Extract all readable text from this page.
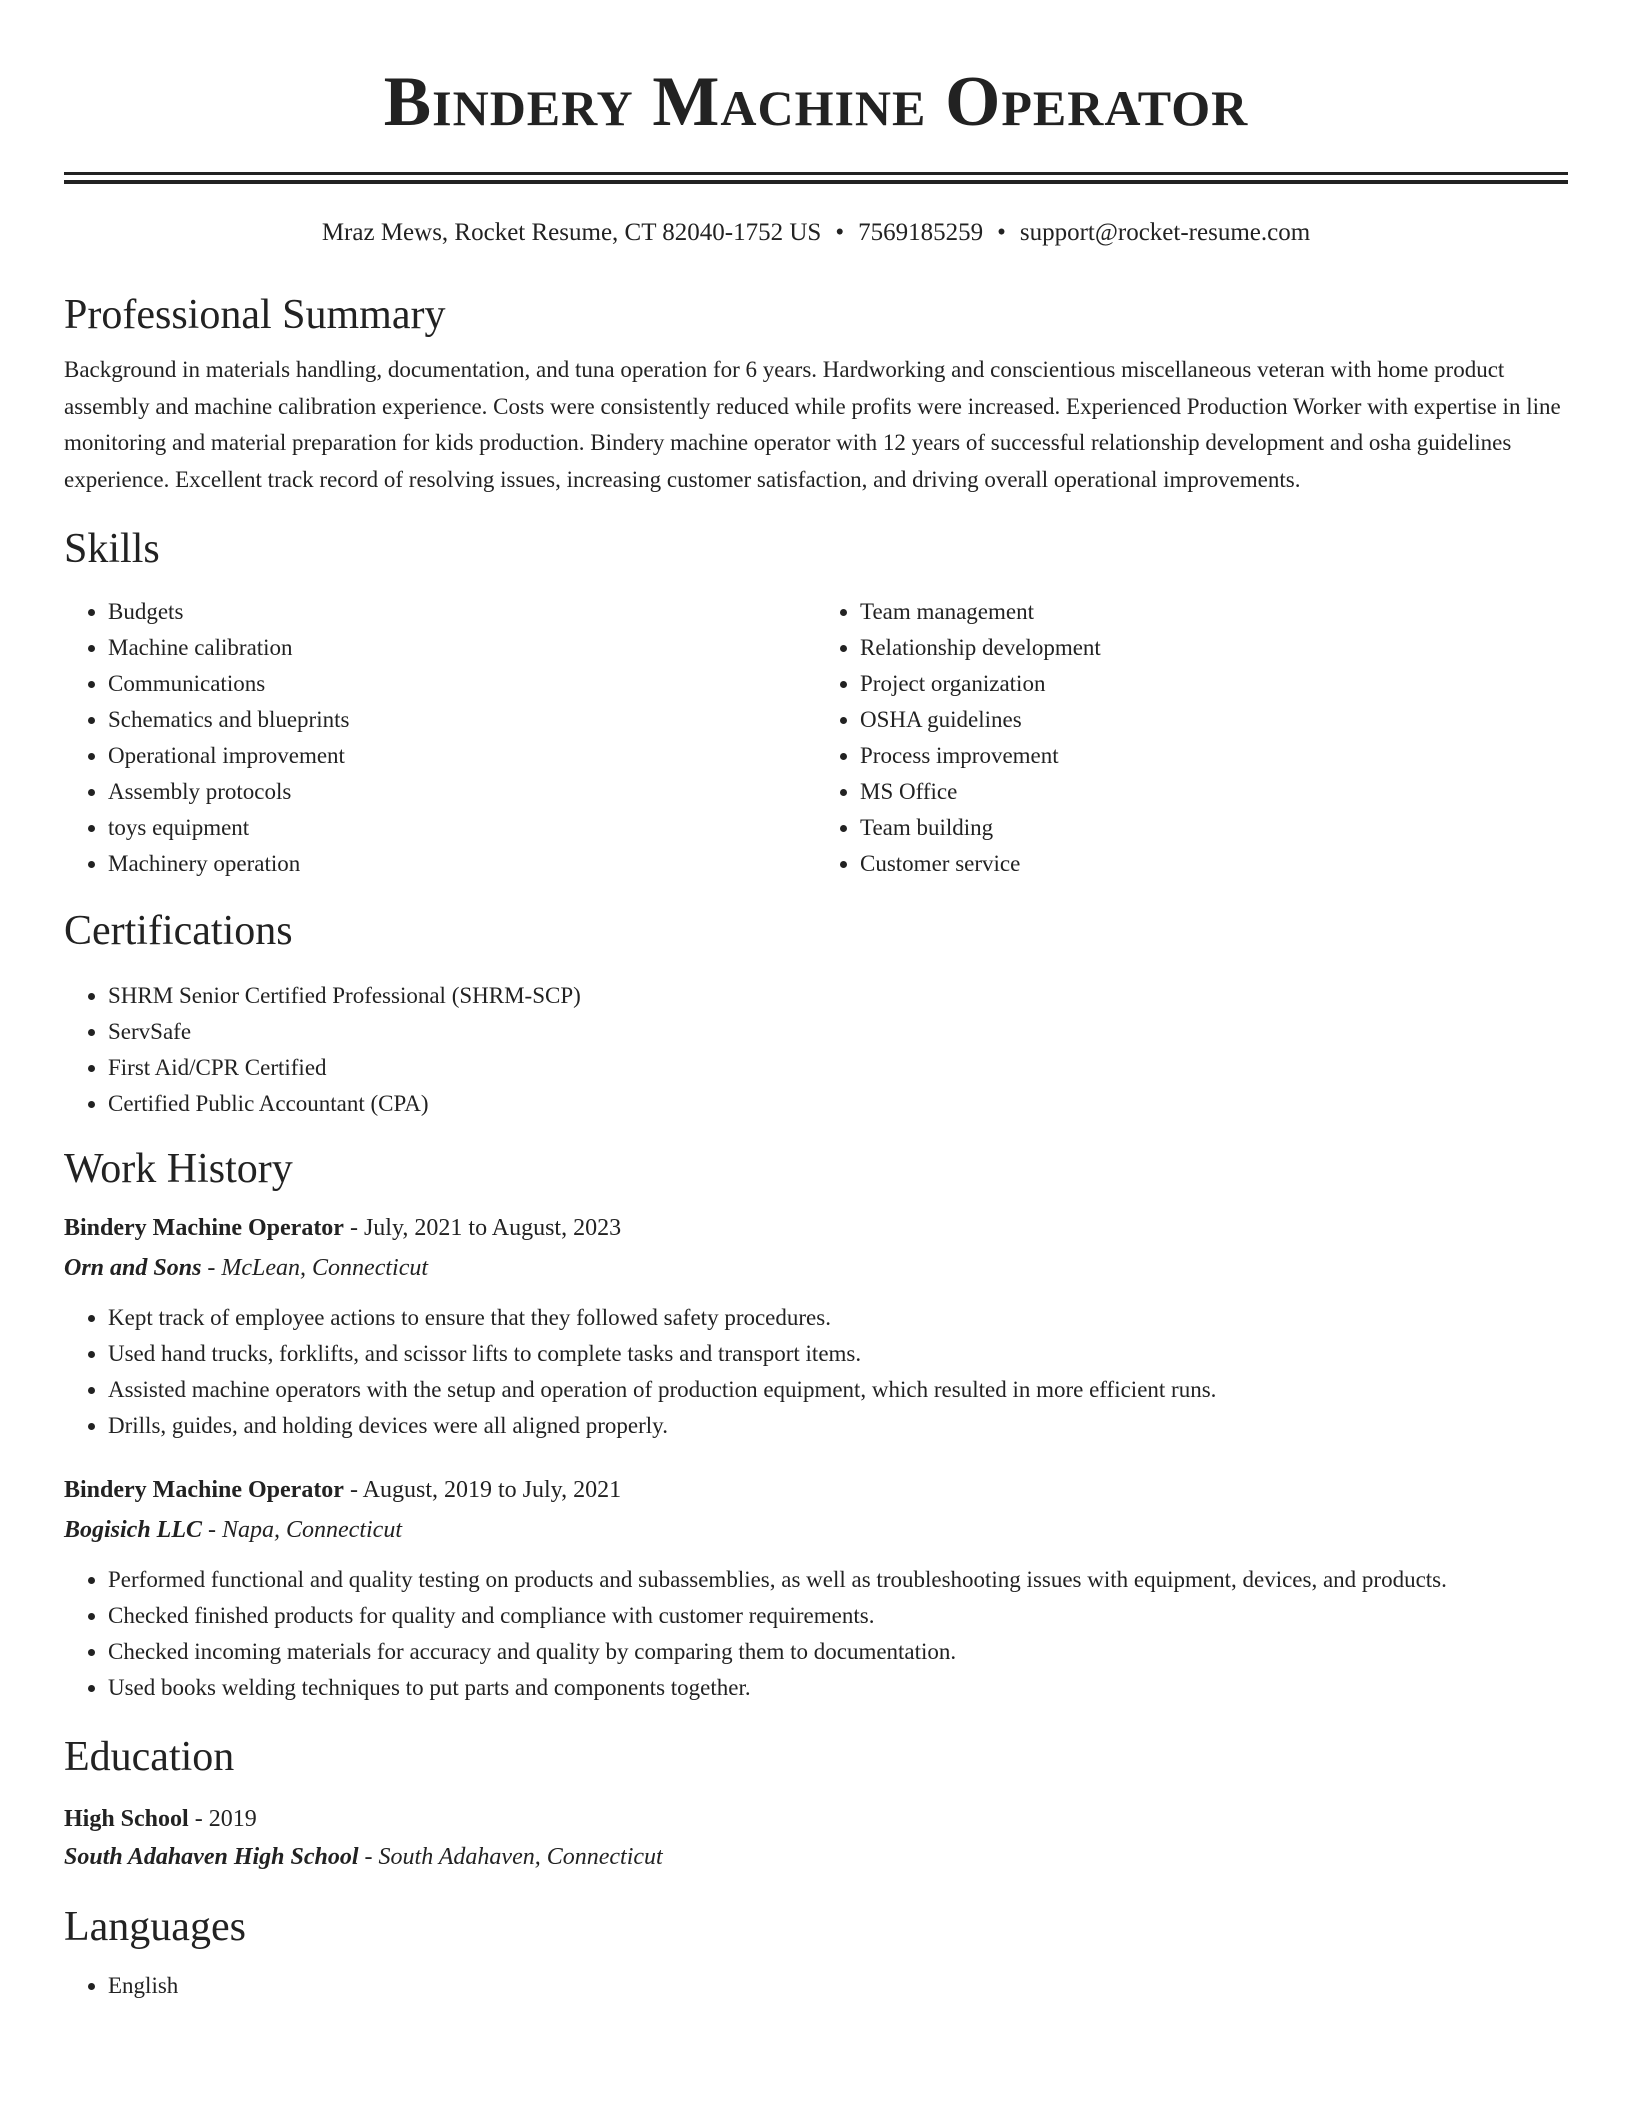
Bindery Machine Operator
Mraz Mews, Rocket Resume, CT 82040-1752 US • 7569185259 • support@rocket-resume.com
Professional Summary

Background in materials handling, documentation, and tuna operation for 6 years. Hardworking and conscientious miscellaneous veteran with home product assembly and machine calibration experience. Costs were consistently reduced while profits were increased. Experienced Production Worker with expertise in line monitoring and material preparation for kids production. Bindery machine operator with 12 years of successful relationship development and osha guidelines experience. Excellent track record of resolving issues, increasing customer satisfaction, and driving overall operational improvements.

Skills
• Budgets
• Machine calibration
• Communications
• Schematics and blueprints
• Operational improvement
• Assembly protocols
• toys equipment
• Machinery operation
• Team management
• Relationship development
• Project organization
• OSHA guidelines
• Process improvement
• MS Office
• Team building
• Customer service
Certifications
• SHRM Senior Certified Professional (SHRM-SCP)
• ServSafe
• First Aid/CPR Certified
• Certified Public Accountant (CPA)
Work History
Bindery Machine Operator - July, 2021 to August, 2023
Orn and Sons - McLean, Connecticut
• Kept track of employee actions to ensure that they followed safety procedures.
• Used hand trucks, forklifts, and scissor lifts to complete tasks and transport items.
• Assisted machine operators with the setup and operation of production equipment, which resulted in more efficient runs.
• Drills, guides, and holding devices were all aligned properly.
Bindery Machine Operator - August, 2019 to July, 2021
Bogisich LLC - Napa, Connecticut
• Performed functional and quality testing on products and subassemblies, as well as troubleshooting issues with equipment, devices, and products.
• Checked finished products for quality and compliance with customer requirements.
• Checked incoming materials for accuracy and quality by comparing them to documentation.
• Used books welding techniques to put parts and components together.
Education
High School - 2019
South Adahaven High School - South Adahaven, Connecticut
Languages
• English
